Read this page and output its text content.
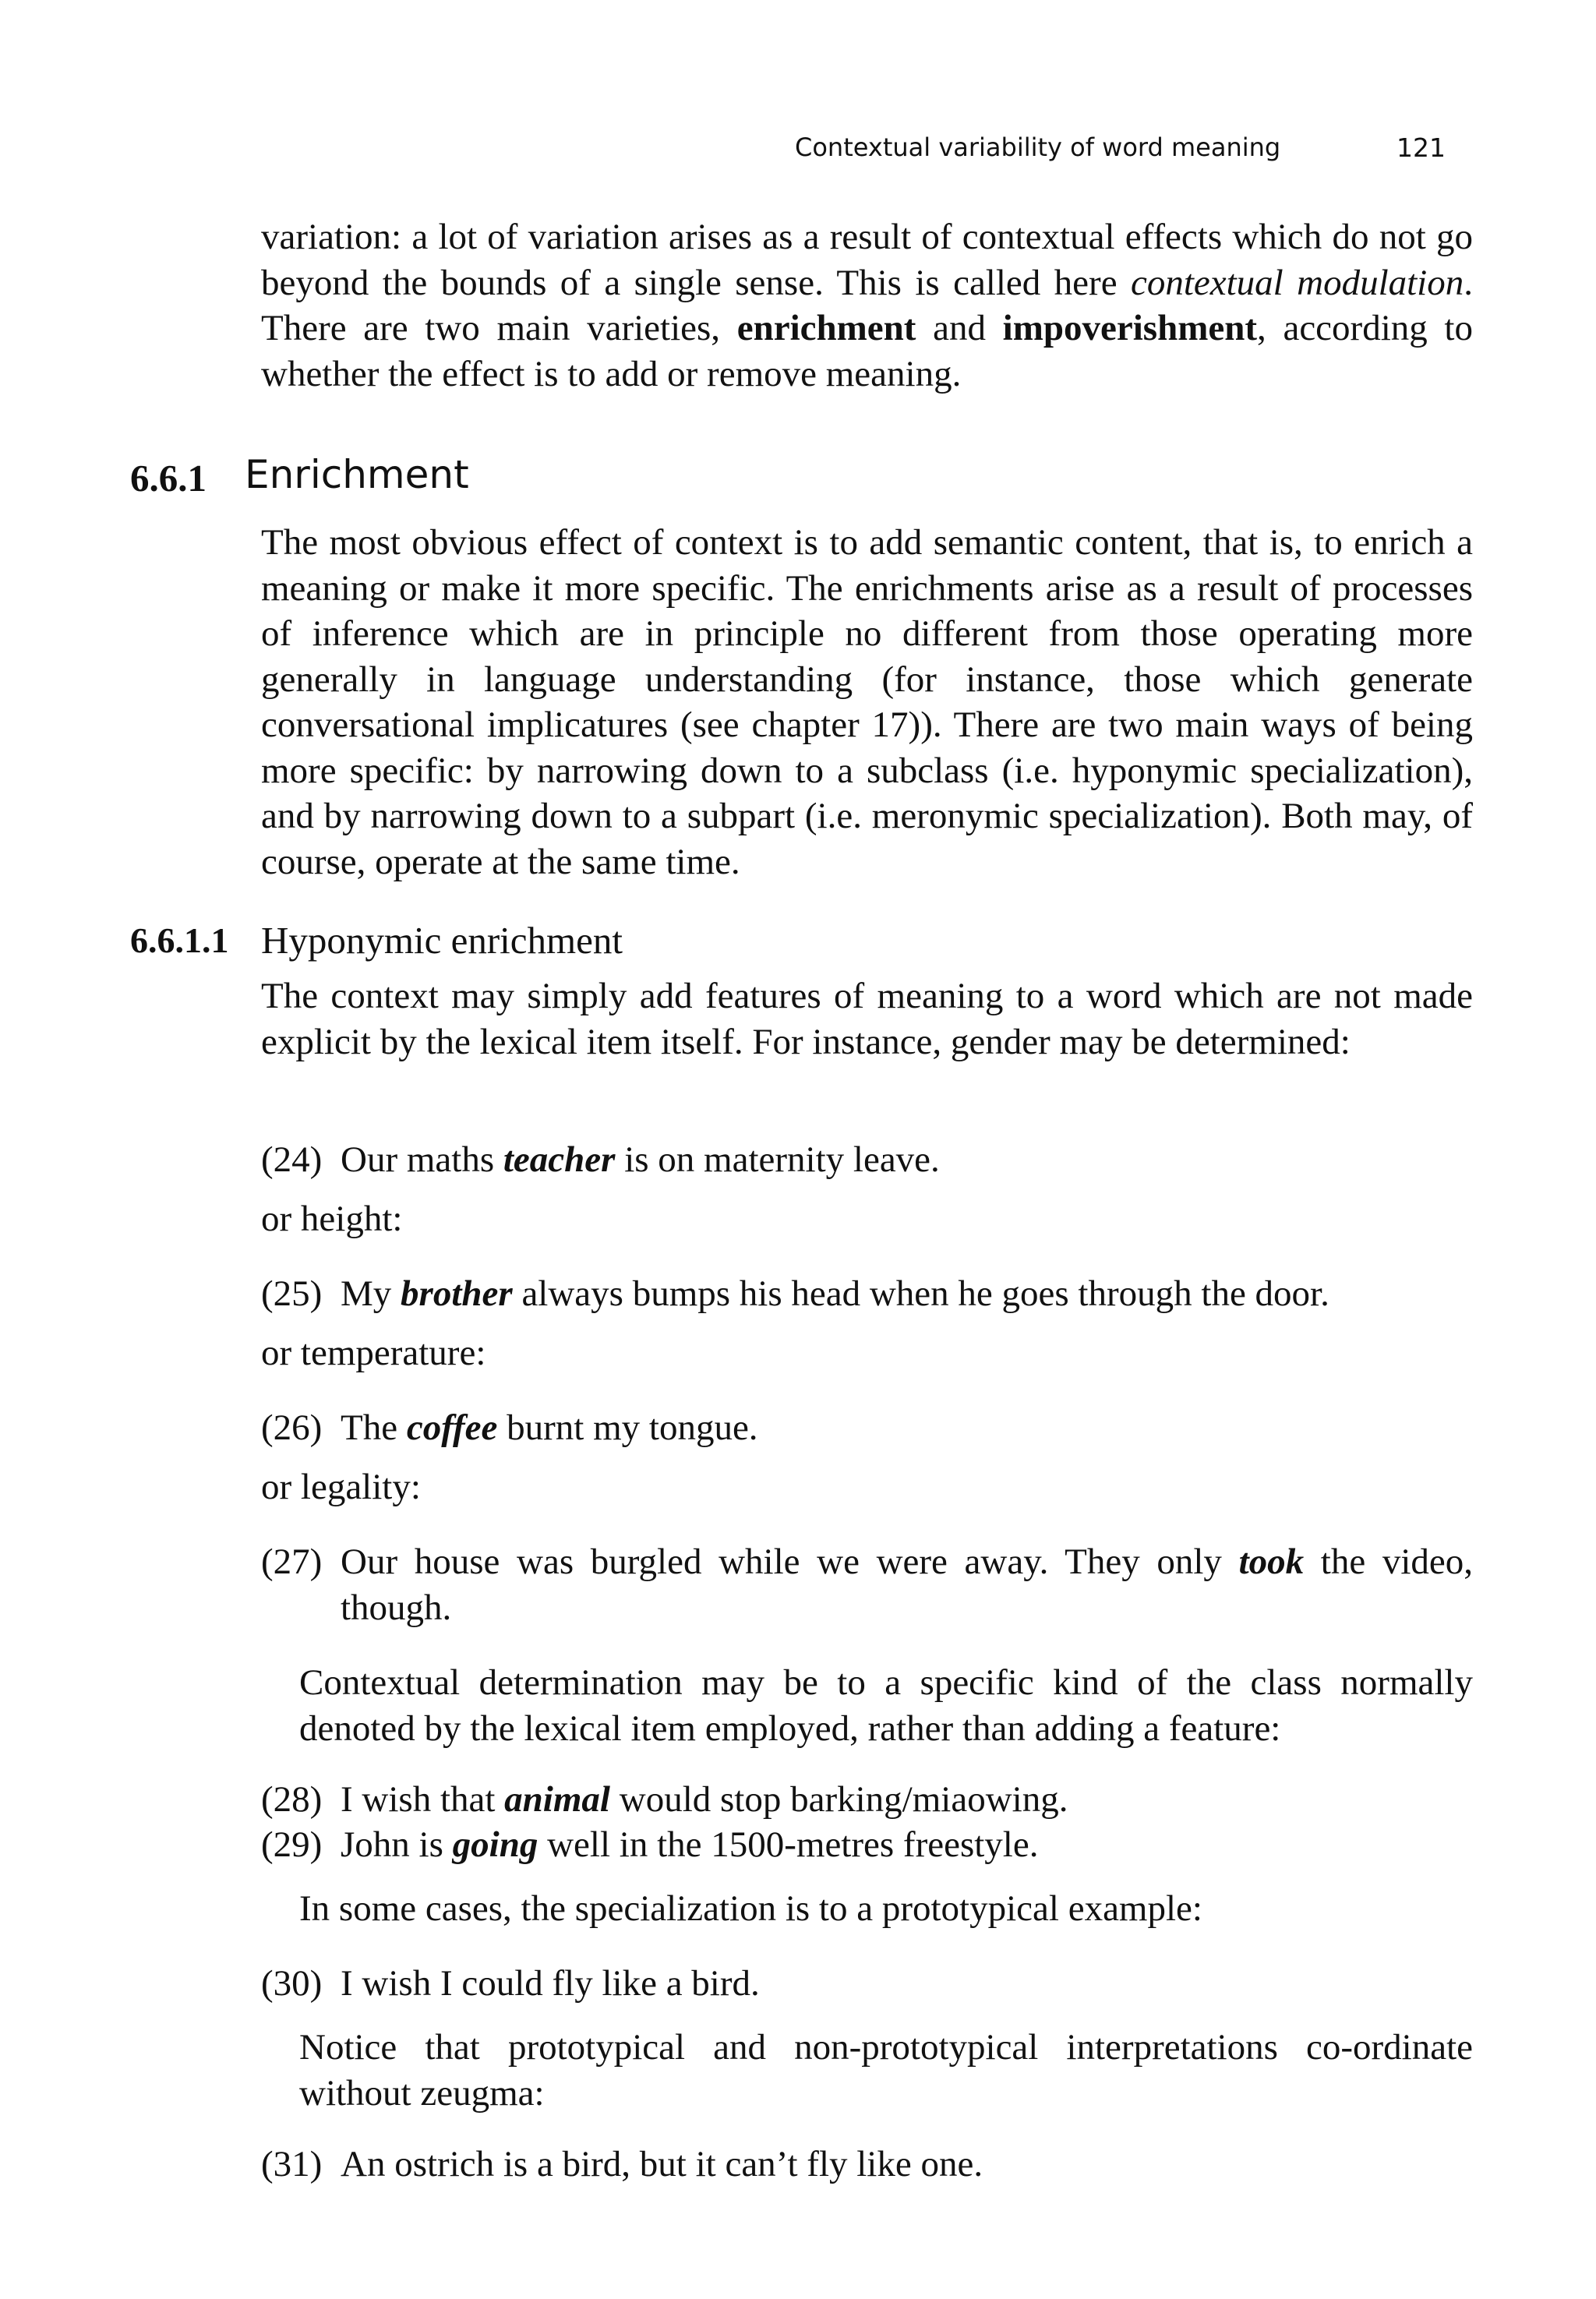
Contextual variability of word meaning	121

variation: a lot of variation arises as a result of contextual effects which do not go beyond the bounds of a single sense. This is called here contextual modulation. There are two main varieties, enrichment and impoverishment, according to whether the effect is to add or remove meaning.

6.6.1 Enrichment

The most obvious effect of context is to add semantic content, that is, to enrich a meaning or make it more specific. The enrichments arise as a result of processes of inference which are in principle no different from those operating more generally in language understanding (for instance, those which generate conversational implicatures (see chapter 17)). There are two main ways of being more specific: by narrowing down to a subclass (i.e. hyponymic specialization), and by narrowing down to a subpart (i.e. meronymic specialization). Both may, of course, operate at the same time.

6.6.1.1 Hyponymic enrichment

The context may simply add features of meaning to a word which are not made explicit by the lexical item itself. For instance, gender may be determined:

(24) Our maths teacher is on maternity leave.

or height:

(25) My brother always bumps his head when he goes through the door.

or temperature:

(26) The coffee burnt my tongue.

or legality:

(27) Our house was burgled while we were away. They only took the video, though.

Contextual determination may be to a specific kind of the class normally denoted by the lexical item employed, rather than adding a feature:

(28) I wish that animal would stop barking/miaowing.
(29) John is going well in the 1500-metres freestyle.

In some cases, the specialization is to a prototypical example:

(30) I wish I could fly like a bird.

Notice that prototypical and non-prototypical interpretations co-ordinate without zeugma:

(31) An ostrich is a bird, but it can’t fly like one.
